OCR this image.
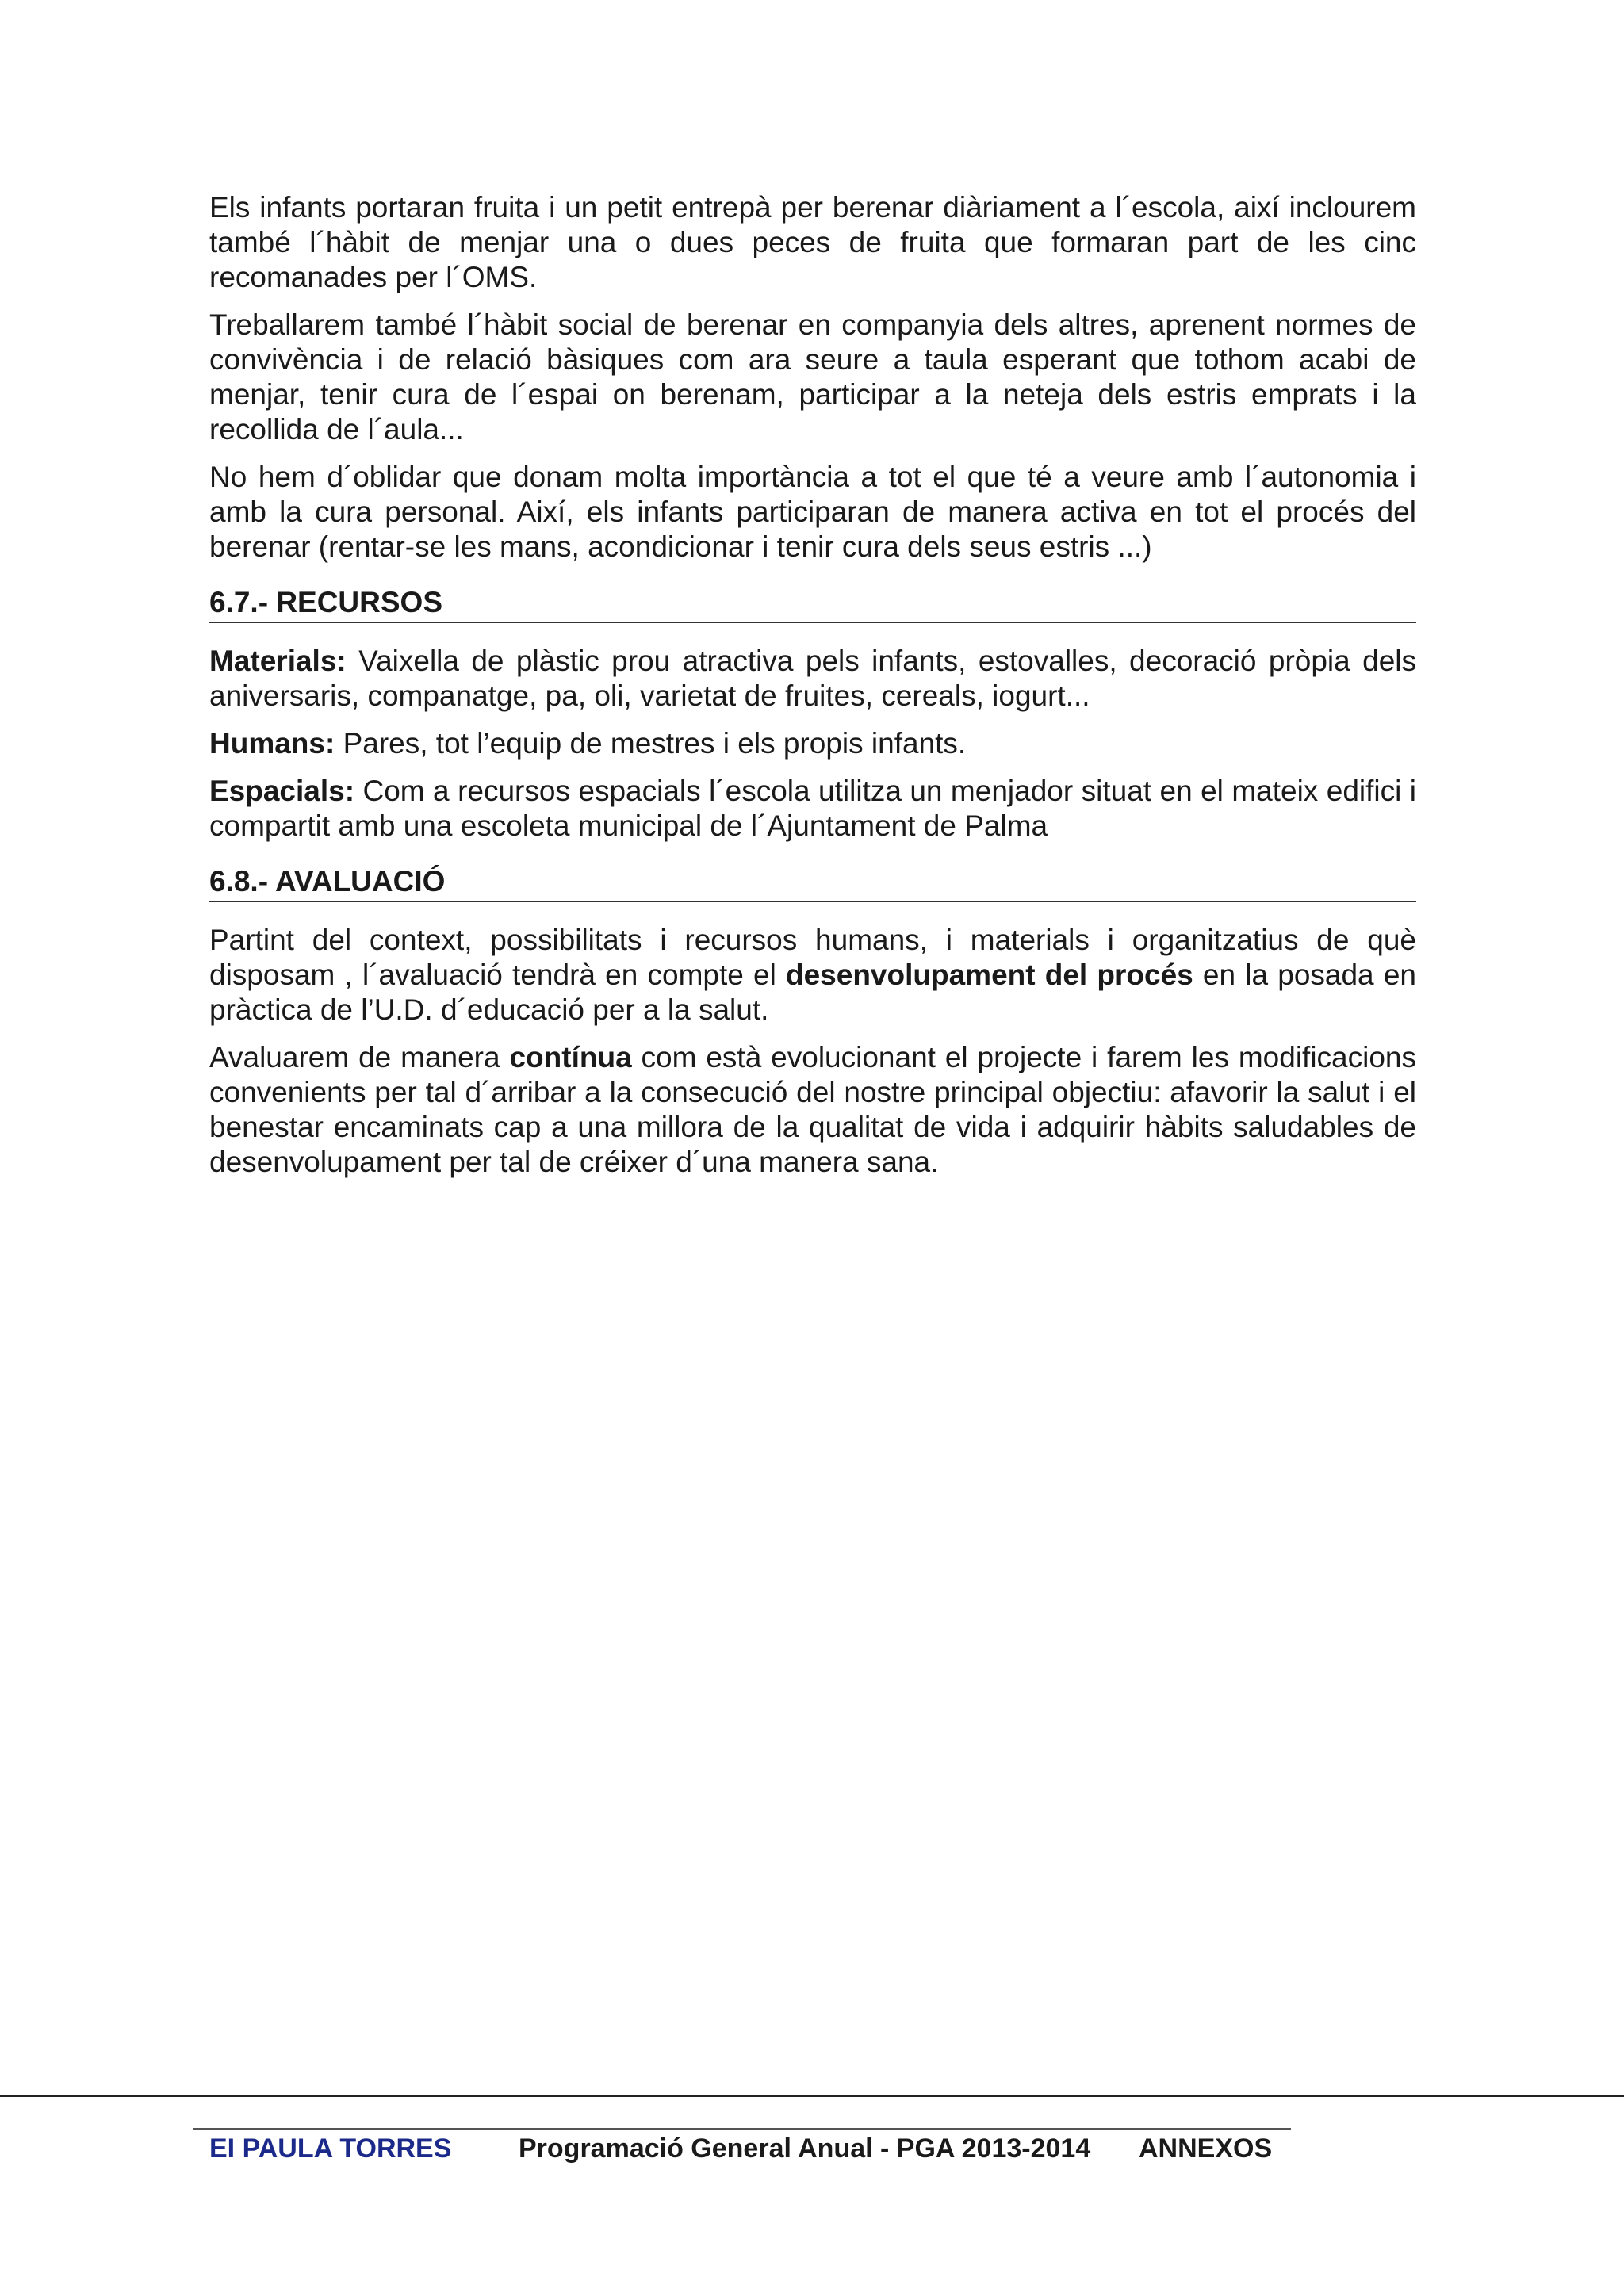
Els infants portaran fruita i un petit entrepà per berenar diàriament a l´escola, així inclourem també l´hàbit de menjar una o dues peces de fruita que formaran part de les cinc recomanades per l´OMS.

Treballarem també l´hàbit social de berenar en companyia dels altres, aprenent normes de convivència i de relació bàsiques com ara seure a taula esperant que tothom acabi de menjar, tenir cura de l´espai on berenam, participar a la neteja dels estris emprats i la recollida de l´aula...

No hem d´oblidar que donam molta importància a tot el que té a veure amb l´autonomia i amb la cura personal. Així, els infants participaran de manera activa en tot el procés del berenar (rentar-se les mans, acondicionar i tenir cura dels seus estris ...)

6.7.- RECURSOS

Materials: Vaixella de plàstic prou atractiva pels infants, estovalles, decoració pròpia dels aniversaris, companatge, pa, oli, varietat de fruites, cereals, iogurt...

Humans: Pares, tot l’equip de mestres i els propis infants.

Espacials: Com a recursos espacials l´escola utilitza un menjador situat en el mateix edifici i compartit amb una escoleta municipal de l´Ajuntament de Palma

6.8.- AVALUACIÓ

Partint del context, possibilitats i recursos humans, i materials i organitzatius de què disposam , l´avaluació tendrà en compte el desenvolupament del procés en la posada en pràctica de l’U.D. d´educació per a la salut.

Avaluarem de manera contínua com està evolucionant el projecte i farem les modificacions convenients per tal d´arribar a la consecució del nostre principal objectiu: afavorir la salut i el benestar encaminats cap a una millora de la qualitat de vida i adquirir hàbits saludables de desenvolupament per tal de créixer d´una manera sana.

EI PAULA TORRES Programació General Anual - PGA 2013-2014 ANNEXOS
